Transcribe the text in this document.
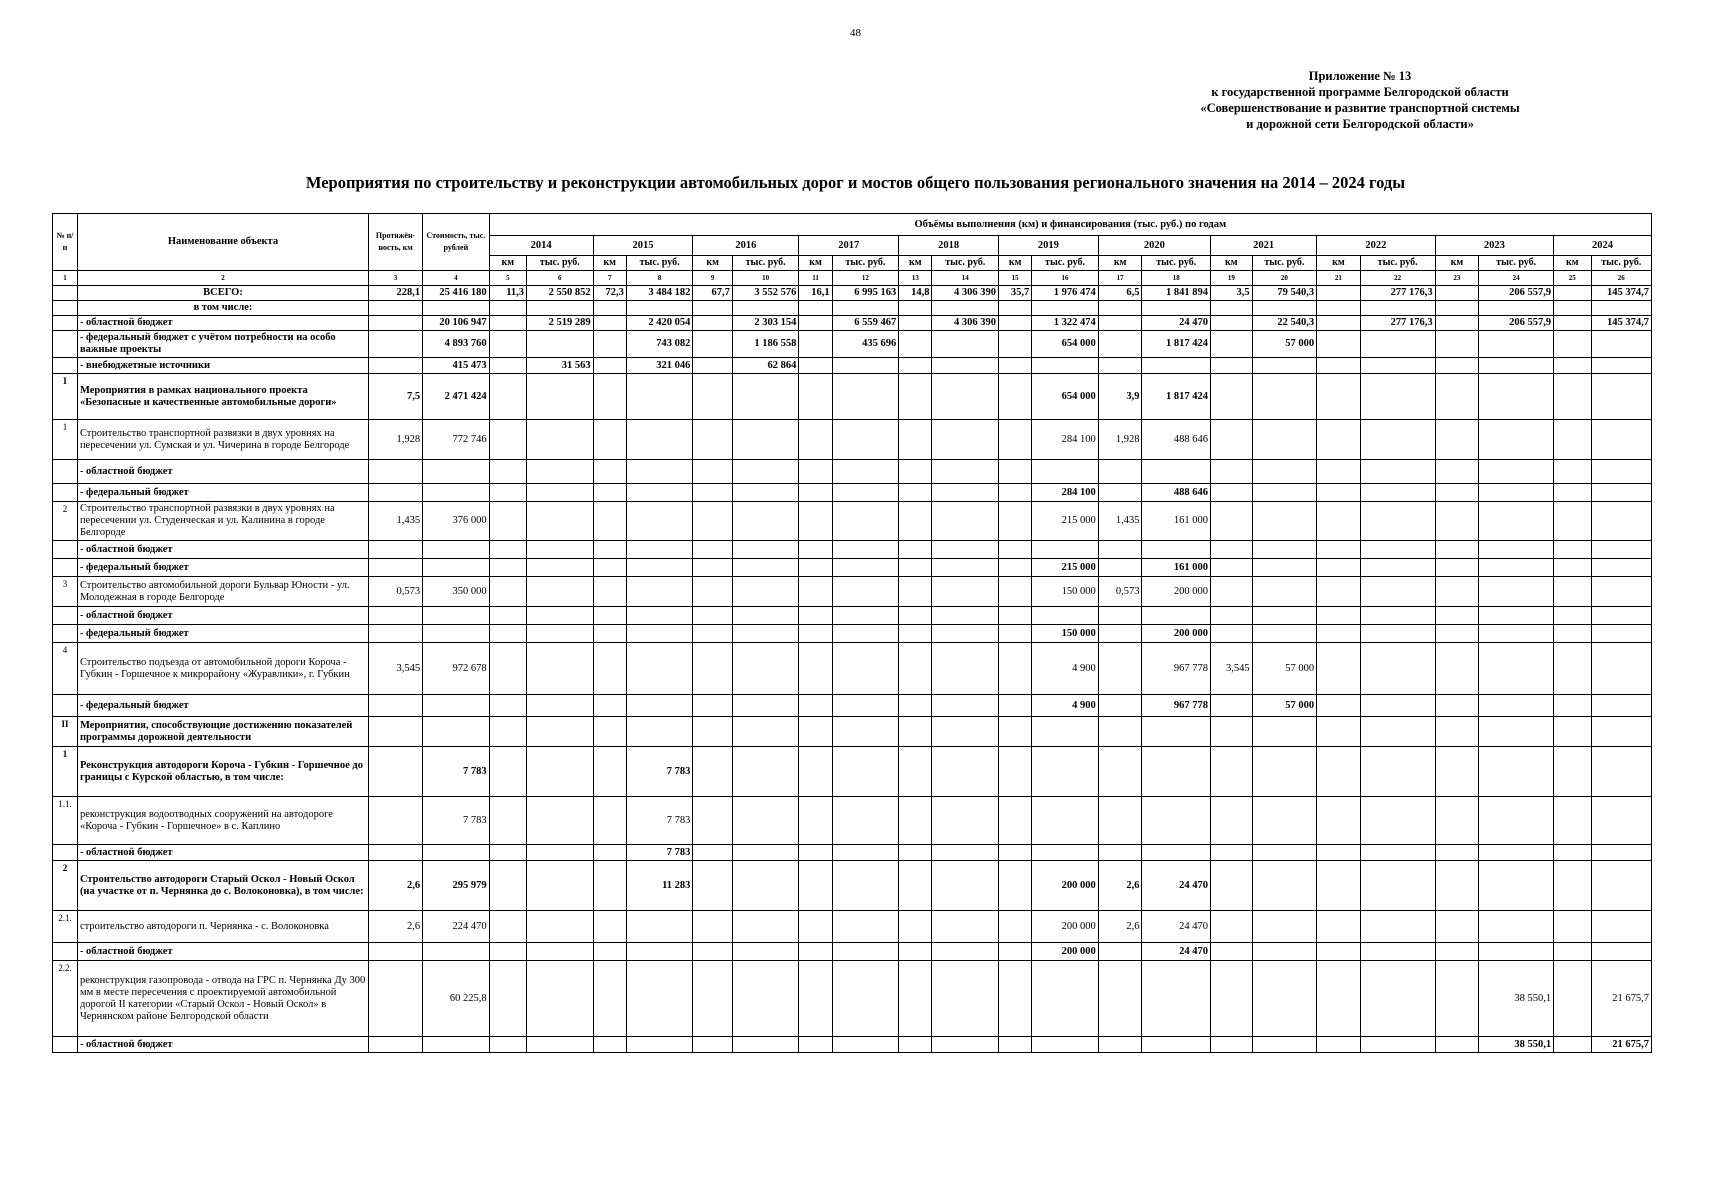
48
Приложение № 13
к государственной программе Белгородской области
«Совершенствование и развитие транспортной системы
и дорожной сети Белгородской области»
Мероприятия по строительству и реконструкции автомобильных дорог и мостов общего пользования регионального значения на 2014 – 2024 годы
№ п/п	Наименование объекта	Протяжён- ность, км	Стоимость, тыс. рублей	Объёмы выполнения (км) и финансирования (тыс. руб.) по годам																					
				2014		2015		2016		2017		2018		2019		2020		2021		2022		2023		2024	
				км	тыс. руб.	км	тыс. руб.	км	тыс. руб.	км	тыс. руб.	км	тыс. руб.	км	тыс. руб.	км	тыс. руб.	км	тыс. руб.	км	тыс. руб.	км	тыс. руб.	км	тыс. руб.
1	2	3	4	5	6	7	8	9	10	11	12	13	14	15	16	17	18	19	20	21	22	23	24	25	26
	ВСЕГО:	228,1	25 416 180	11,3	2 550 852	72,3	3 484 182	67,7	3 552 576	16,1	6 995 163	14,8	4 306 390	35,7	1 976 474	6,5	1 841 894	3,5	79 540,3		277 176,3		206 557,9		145 374,7
	в том числе:																								
	- областной бюджет		20 106 947		2 519 289		2 420 054		2 303 154		6 559 467		4 306 390		1 322 474		24 470		22 540,3		277 176,3		206 557,9		145 374,7
	- федеральный бюджет с учётом потребности на особо важные проекты		4 893 760				743 082		1 186 558		435 696				654 000		1 817 424		57 000						
	- внебюджетные источники		415 473		31 563		321 046		62 864																
I	Мероприятия в рамках национального проекта «Безопасные и качественные автомобильные дороги»	7,5	2 471 424												654 000	3,9	1 817 424								
1	Строительство транспортной развязки в двух уровнях на пересечении ул. Сумская и ул. Чичерина в городе Белгороде	1,928	772 746												284 100	1,928	488 646								
	- областной бюджет																								
	- федеральный бюджет														284 100		488 646								
2	Строительство транспортной развязки в двух уровнях на пересечении ул. Студенческая и ул. Калинина в городе Белгороде	1,435	376 000												215 000	1,435	161 000								
	- областной бюджет																								
	- федеральный бюджет														215 000		161 000								
3	Строительство автомобильной дороги Бульвар Юности - ул. Молодежная в городе Белгороде	0,573	350 000												150 000	0,573	200 000								
	- областной бюджет																								
	- федеральный бюджет														150 000		200 000								
4	Строительство подъезда от автомобильной дороги Короча - Губкин - Горшечное к микрорайону «Журавлики», г. Губкин	3,545	972 678												4 900		967 778	3,545	57 000						
	- федеральный бюджет														4 900		967 778		57 000						
II	Мероприятия, способствующие достижению показателей программы дорожной деятельности																								
1	Реконструкция автодороги Короча - Губкин - Горшечное до границы с Курской областью, в том числе:		7 783				7 783																		
1.1.	реконструкция водоотводных сооружений на автодороге «Короча - Губкин - Горшечное» в с. Каплино		7 783				7 783																		
	- областной бюджет						7 783																		
2	Строительство автодороги Старый Оскол - Новый Оскол (на участке от п. Чернянка до с. Волоконовка), в том числе:	2,6	295 979				11 283								200 000	2,6	24 470								
2.1.	строительство автодороги п. Чернянка - с. Волоконовка	2,6	224 470												200 000	2,6	24 470								
	- областной бюджет														200 000		24 470								
2.2.	реконструкция газопровода - отвода на ГРС п. Чернянка Ду 300 мм в месте пересечения с проектируемой автомобильной дорогой II категории «Старый Оскол - Новый Оскол» в Чернянском районе Белгородской области		60 225,8																				38 550,1		21 675,7
	- областной бюджет																						38 550,1		21 675,7
